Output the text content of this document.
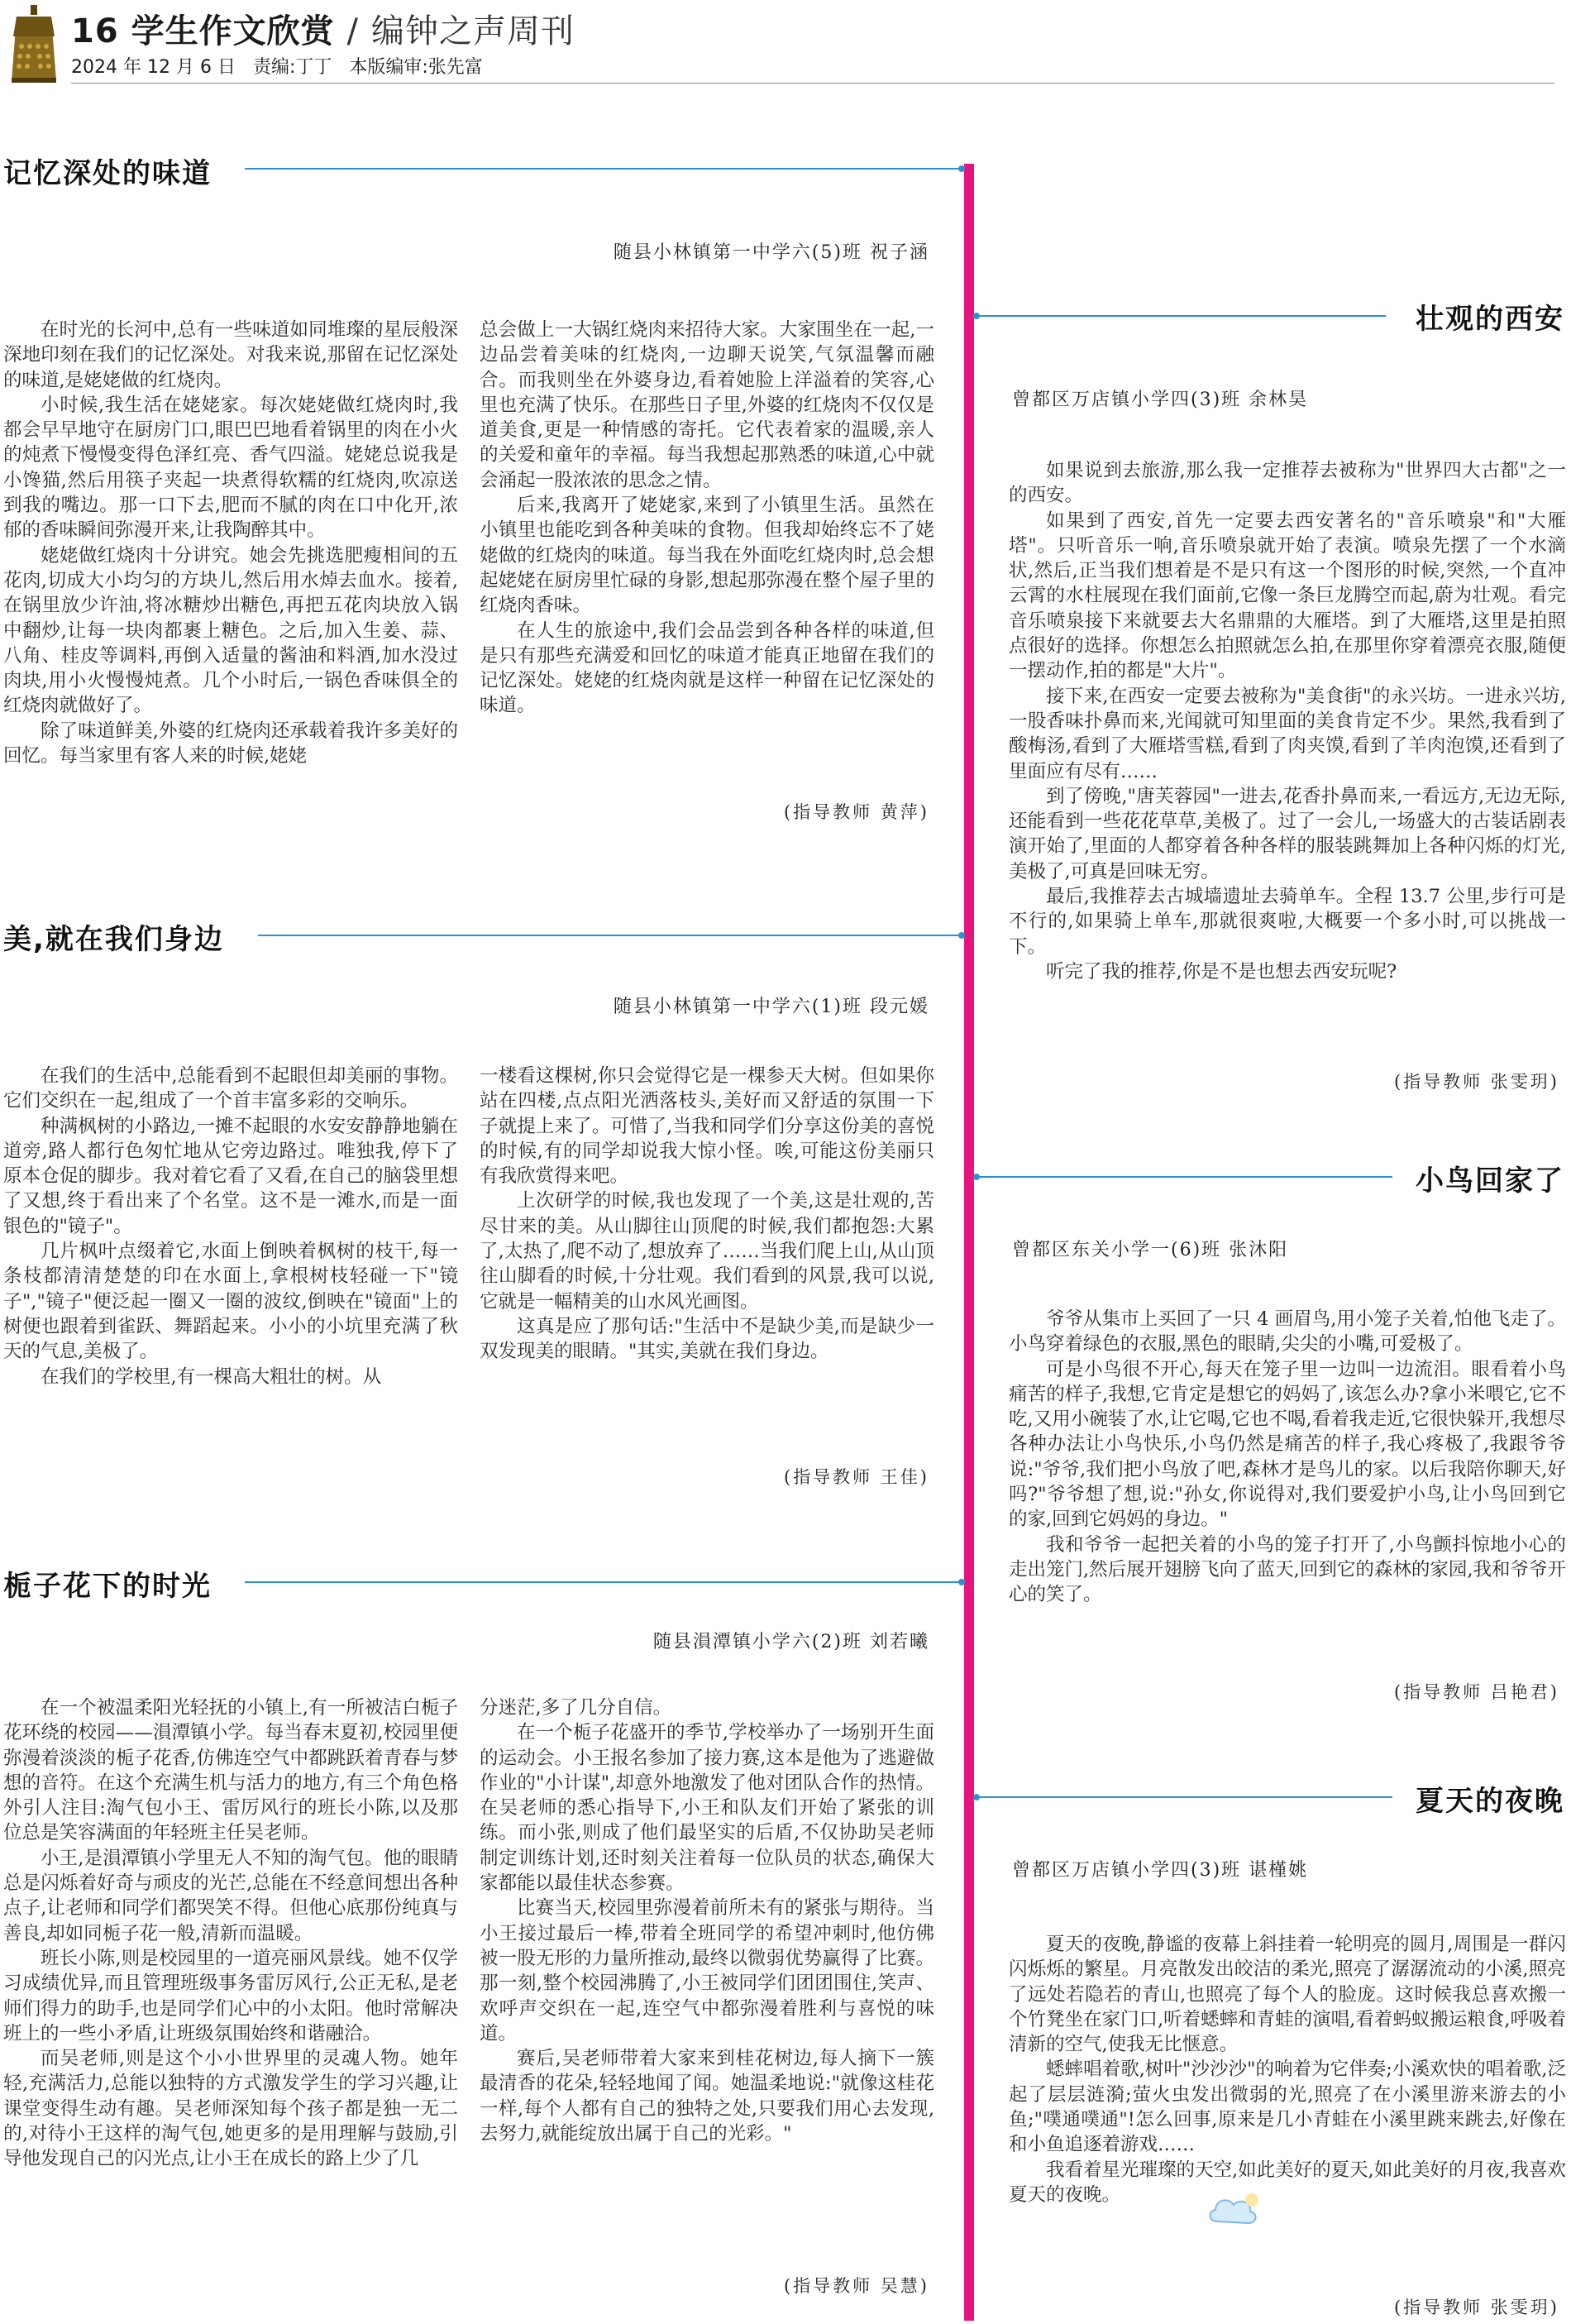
16 学生作文欣赏 / 编钟之声周刊
2024 年 12 月 6 日 责编:丁丁 本版编审:张先富
记忆深处的味道
随县小林镇第一中学六(5)班 祝子涵

在时光的长河中,总有一些味道如同堆璨的星辰般深深地印刻在我们的记忆深处。对我来说,那留在记忆深处的味道,是姥姥做的红烧肉。

小时候,我生活在姥姥家。每次姥姥做红烧肉时,我都会早早地守在厨房门口,眼巴巴地看着锅里的肉在小火的炖煮下慢慢变得色泽红亮、香气四溢。姥姥总说我是小馋猫,然后用筷子夹起一块煮得软糯的红烧肉,吹凉送到我的嘴边。那一口下去,肥而不腻的肉在口中化开,浓郁的香味瞬间弥漫开来,让我陶醉其中。

姥姥做红烧肉十分讲究。她会先挑选肥瘦相间的五花肉,切成大小均匀的方块儿,然后用水焯去血水。接着,在锅里放少许油,将冰糖炒出糖色,再把五花肉块放入锅中翻炒,让每一块肉都裹上糖色。之后,加入生姜、蒜、八角、桂皮等调料,再倒入适量的酱油和料酒,加水没过肉块,用小火慢慢炖煮。几个小时后,一锅色香味俱全的红烧肉就做好了。

除了味道鲜美,外婆的红烧肉还承载着我许多美好的回忆。每当家里有客人来的时候,姥姥

总会做上一大锅红烧肉来招待大家。大家围坐在一起,一边品尝着美味的红烧肉,一边聊天说笑,气氛温馨而融合。而我则坐在外婆身边,看着她脸上洋溢着的笑容,心里也充满了快乐。在那些日子里,外婆的红烧肉不仅仅是道美食,更是一种情感的寄托。它代表着家的温暖,亲人的关爱和童年的幸福。每当我想起那熟悉的味道,心中就会涌起一股浓浓的思念之情。

后来,我离开了姥姥家,来到了小镇里生活。虽然在小镇里也能吃到各种美味的食物。但我却始终忘不了姥姥做的红烧肉的味道。每当我在外面吃红烧肉时,总会想起姥姥在厨房里忙碌的身影,想起那弥漫在整个屋子里的红烧肉香味。

在人生的旅途中,我们会品尝到各种各样的味道,但是只有那些充满爱和回忆的味道才能真正地留在我们的记忆深处。姥姥的红烧肉就是这样一种留在记忆深处的味道。

(指导教师 黄萍)
美,就在我们身边
随县小林镇第一中学六(1)班 段元媛

在我们的生活中,总能看到不起眼但却美丽的事物。它们交织在一起,组成了一个首丰富多彩的交响乐。

种满枫树的小路边,一摊不起眼的水安安静静地躺在道旁,路人都行色匆忙地从它旁边路过。唯独我,停下了原本仓促的脚步。我对着它看了又看,在自己的脑袋里想了又想,终于看出来了个名堂。这不是一滩水,而是一面银色的"镜子"。

几片枫叶点缀着它,水面上倒映着枫树的枝干,每一条枝都清清楚楚的印在水面上,拿根树枝轻碰一下"镜子","镜子"便泛起一圈又一圈的波纹,倒映在"镜面"上的树便也跟着到雀跃、舞蹈起来。小小的小坑里充满了秋天的气息,美极了。

在我们的学校里,有一棵高大粗壮的树。从

一楼看这棵树,你只会觉得它是一棵参天大树。但如果你站在四楼,点点阳光洒落枝头,美好而又舒适的氛围一下子就提上来了。可惜了,当我和同学们分享这份美的喜悦的时候,有的同学却说我大惊小怪。唉,可能这份美丽只有我欣赏得来吧。

上次研学的时候,我也发现了一个美,这是壮观的,苦尽甘来的美。从山脚往山顶爬的时候,我们都抱怨:大累了,太热了,爬不动了,想放弃了……当我们爬上山,从山顶往山脚看的时候,十分壮观。我们看到的风景,我可以说,它就是一幅精美的山水风光画图。

这真是应了那句话:"生活中不是缺少美,而是缺少一双发现美的眼睛。"其实,美就在我们身边。

(指导教师 王佳)
栀子花下的时光
随县溳潭镇小学六(2)班 刘若曦

在一个被温柔阳光轻抚的小镇上,有一所被洁白栀子花环绕的校园——溳潭镇小学。每当春末夏初,校园里便弥漫着淡淡的栀子花香,仿佛连空气中都跳跃着青春与梦想的音符。在这个充满生机与活力的地方,有三个角色格外引人注目:淘气包小王、雷厉风行的班长小陈,以及那位总是笑容满面的年轻班主任吴老师。

小王,是溳潭镇小学里无人不知的淘气包。他的眼睛总是闪烁着好奇与顽皮的光芒,总能在不经意间想出各种点子,让老师和同学们都哭笑不得。但他心底那份纯真与善良,却如同栀子花一般,清新而温暖。

班长小陈,则是校园里的一道亮丽风景线。她不仅学习成绩优异,而且管理班级事务雷厉风行,公正无私,是老师们得力的助手,也是同学们心中的小太阳。他时常解决班上的一些小矛盾,让班级氛围始终和谐融洽。

而吴老师,则是这个小小世界里的灵魂人物。她年轻,充满活力,总能以独特的方式激发学生的学习兴趣,让课堂变得生动有趣。吴老师深知每个孩子都是独一无二的,对待小王这样的淘气包,她更多的是用理解与鼓励,引导他发现自己的闪光点,让小王在成长的路上少了几

分迷茫,多了几分自信。

在一个栀子花盛开的季节,学校举办了一场别开生面的运动会。小王报名参加了接力赛,这本是他为了逃避做作业的"小计谋",却意外地激发了他对团队合作的热情。在吴老师的悉心指导下,小王和队友们开始了紧张的训练。而小张,则成了他们最坚实的后盾,不仅协助吴老师制定训练计划,还时刻关注着每一位队员的状态,确保大家都能以最佳状态参赛。

比赛当天,校园里弥漫着前所未有的紧张与期待。当小王接过最后一棒,带着全班同学的希望冲刺时,他仿佛被一股无形的力量所推动,最终以微弱优势赢得了比赛。那一刻,整个校园沸腾了,小王被同学们团团围住,笑声、欢呼声交织在一起,连空气中都弥漫着胜利与喜悦的味道。

赛后,吴老师带着大家来到桂花树边,每人摘下一簇最清香的花朵,轻轻地闻了闻。她温柔地说:"就像这桂花一样,每个人都有自己的独特之处,只要我们用心去发现,去努力,就能绽放出属于自己的光彩。"

(指导教师 吴慧)
壮观的西安
曾都区万店镇小学四(3)班 余林昊

如果说到去旅游,那么我一定推荐去被称为"世界四大古都"之一的西安。

如果到了西安,首先一定要去西安著名的"音乐喷泉"和"大雁塔"。只听音乐一响,音乐喷泉就开始了表演。喷泉先摆了一个水滴状,然后,正当我们想着是不是只有这一个图形的时候,突然,一个直冲云霄的水柱展现在我们面前,它像一条巨龙腾空而起,蔚为壮观。看完音乐喷泉接下来就要去大名鼎鼎的大雁塔。到了大雁塔,这里是拍照点很好的选择。你想怎么拍照就怎么拍,在那里你穿着漂亮衣服,随便一摆动作,拍的都是"大片"。

接下来,在西安一定要去被称为"美食街"的永兴坊。一进永兴坊,一股香味扑鼻而来,光闻就可知里面的美食肯定不少。果然,我看到了酸梅汤,看到了大雁塔雪糕,看到了肉夹馍,看到了羊肉泡馍,还看到了里面应有尽有……

到了傍晚,"唐芙蓉园"一进去,花香扑鼻而来,一看远方,无边无际,还能看到一些花花草草,美极了。过了一会儿,一场盛大的古装话剧表演开始了,里面的人都穿着各种各样的服装跳舞加上各种闪烁的灯光,美极了,可真是回味无穷。

最后,我推荐去古城墙遗址去骑单车。全程 13.7 公里,步行可是不行的,如果骑上单车,那就很爽啦,大概要一个多小时,可以挑战一下。

听完了我的推荐,你是不是也想去西安玩呢?

(指导教师 张雯玥)
小鸟回家了
曾都区东关小学一(6)班 张沐阳

爷爷从集市上买回了一只 4 画眉鸟,用小笼子关着,怕他飞走了。小鸟穿着绿色的衣服,黑色的眼睛,尖尖的小嘴,可爱极了。

可是小鸟很不开心,每天在笼子里一边叫一边流泪。眼看着小鸟痛苦的样子,我想,它肯定是想它的妈妈了,该怎么办?拿小米喂它,它不吃,又用小碗装了水,让它喝,它也不喝,看着我走近,它很快躲开,我想尽各种办法让小鸟快乐,小鸟仍然是痛苦的样子,我心疼极了,我跟爷爷说:"爷爷,我们把小鸟放了吧,森林才是鸟儿的家。以后我陪你聊天,好吗?"爷爷想了想,说:"孙女,你说得对,我们要爱护小鸟,让小鸟回到它的家,回到它妈妈的身边。"

我和爷爷一起把关着的小鸟的笼子打开了,小鸟颤抖惊地小心的走出笼门,然后展开翅膀飞向了蓝天,回到它的森林的家园,我和爷爷开心的笑了。

(指导教师 吕艳君)
夏天的夜晚
曾都区万店镇小学四(3)班 谌槿姚

夏天的夜晚,静谧的夜幕上斜挂着一轮明亮的圆月,周围是一群闪闪烁烁的繁星。月亮散发出皎洁的柔光,照亮了潺潺流动的小溪,照亮了远处若隐若的青山,也照亮了每个人的脸庞。这时候我总喜欢搬一个竹凳坐在家门口,听着蟋蟀和青蛙的演唱,看着蚂蚁搬运粮食,呼吸着清新的空气,使我无比惬意。

蟋蟀唱着歌,树叶"沙沙沙"的响着为它伴奏;小溪欢快的唱着歌,泛起了层层涟漪;萤火虫发出微弱的光,照亮了在小溪里游来游去的小鱼;"噗通噗通"!怎么回事,原来是几小青蛙在小溪里跳来跳去,好像在和小鱼追逐着游戏……

我看着星光璀璨的天空,如此美好的夏天,如此美好的月夜,我喜欢夏天的夜晚。

(指导教师 张雯玥)
